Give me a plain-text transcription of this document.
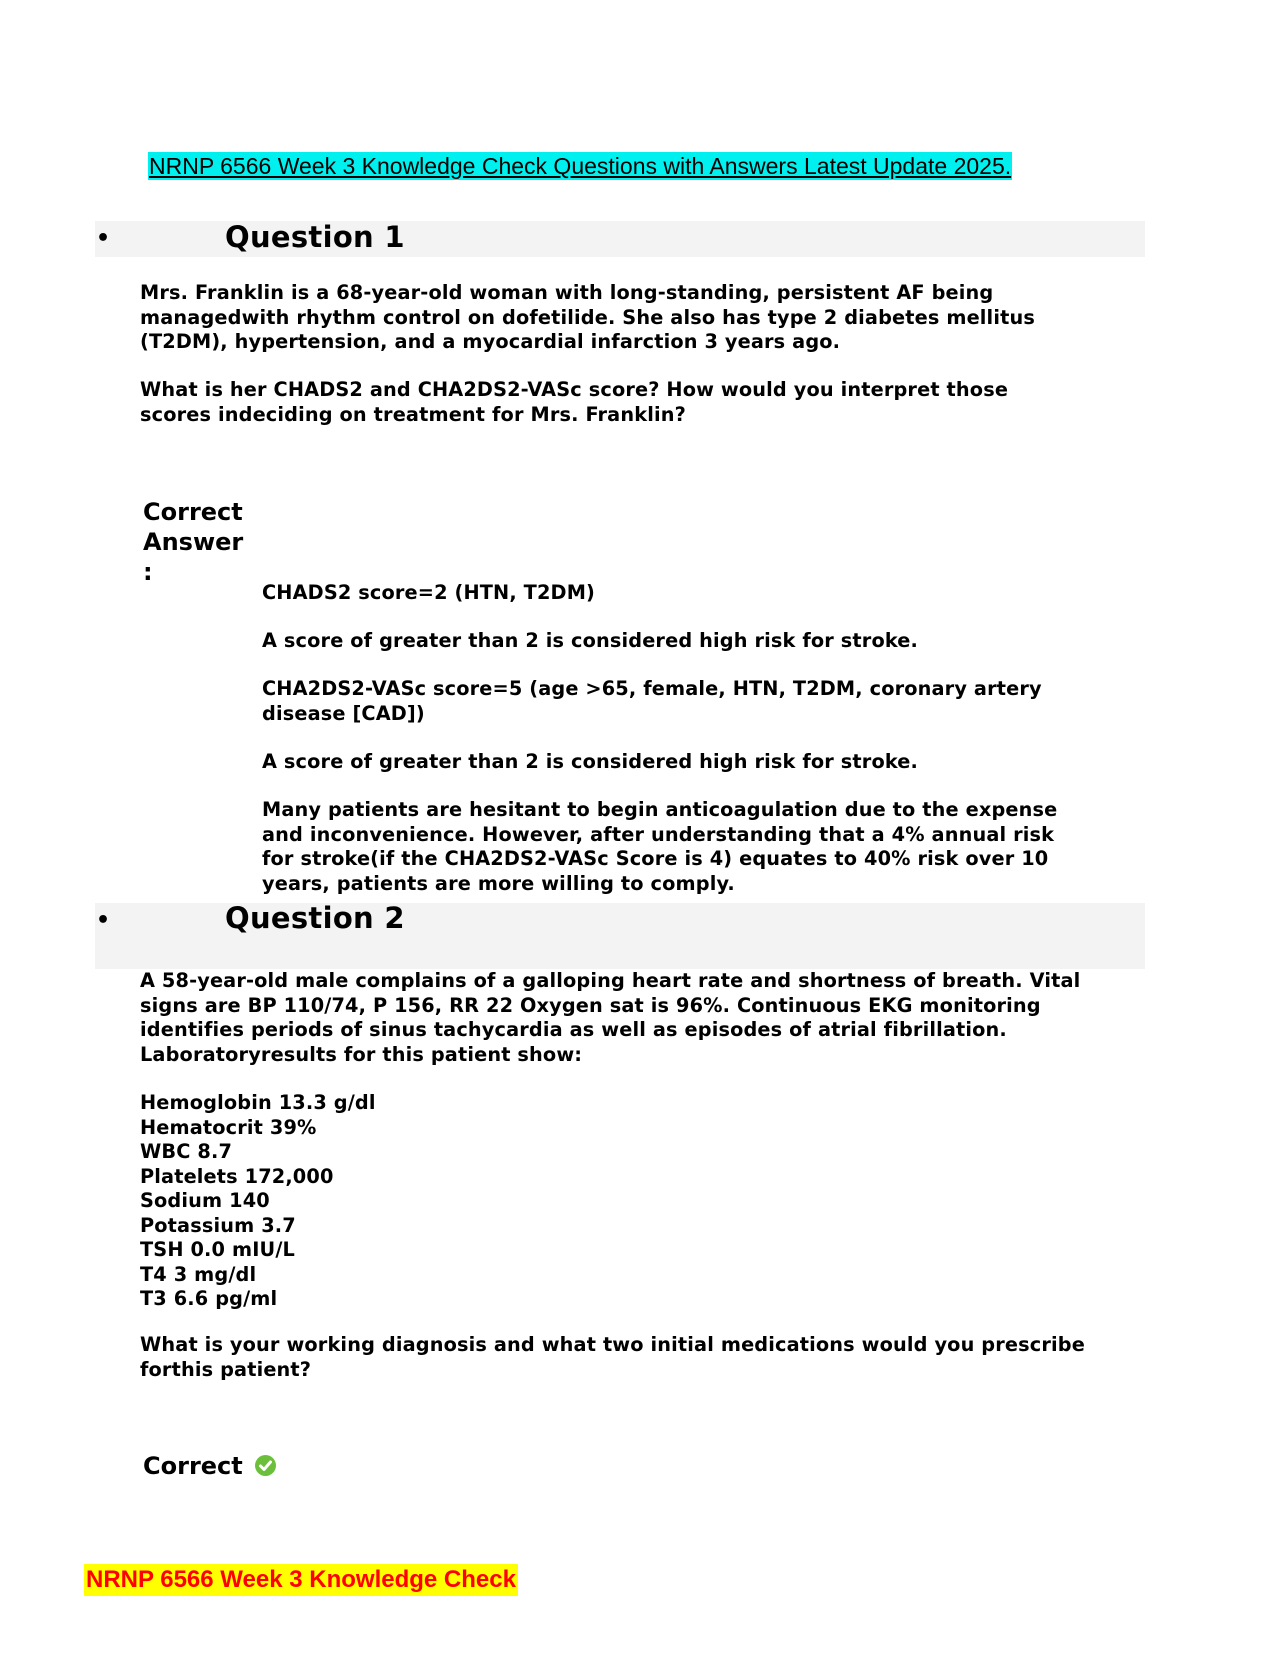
NRNP 6566 Week 3 Knowledge Check Questions with Answers Latest Update 2025.
•	Question 1
Mrs. Franklin is a 68-year-old woman with long-standing, persistent AF being
managedwith rhythm control on dofetilide. She also has type 2 diabetes mellitus
(T2DM), hypertension, and a myocardial infarction 3 years ago.
What is her CHADS2 and CHA2DS2-VASc score? How would you interpret those
scores indeciding on treatment for Mrs. Franklin?
Correct
Answer
:
CHADS2 score=2 (HTN, T2DM)
A score of greater than 2 is considered high risk for stroke.
CHA2DS2-VASc score=5 (age >65, female, HTN, T2DM, coronary artery
disease [CAD])
A score of greater than 2 is considered high risk for stroke.
Many patients are hesitant to begin anticoagulation due to the expense
and inconvenience. However, after understanding that a 4% annual risk
for stroke(if the CHA2DS2-VASc Score is 4) equates to 40% risk over 10
years, patients are more willing to comply.
•	Question 2
A 58-year-old male complains of a galloping heart rate and shortness of breath. Vital
signs are BP 110/74, P 156, RR 22 Oxygen sat is 96%. Continuous EKG monitoring
identifies periods of sinus tachycardia as well as episodes of atrial fibrillation.
Laboratoryresults for this patient show:
Hemoglobin 13.3 g/dl
Hematocrit 39%
WBC 8.7
Platelets 172,000
Sodium 140
Potassium 3.7
TSH 0.0 mIU/L
T4 3 mg/dl
T3 6.6 pg/ml
What is your working diagnosis and what two initial medications would you prescribe
forthis patient?
Correct
NRNP 6566 Week 3 Knowledge Check
